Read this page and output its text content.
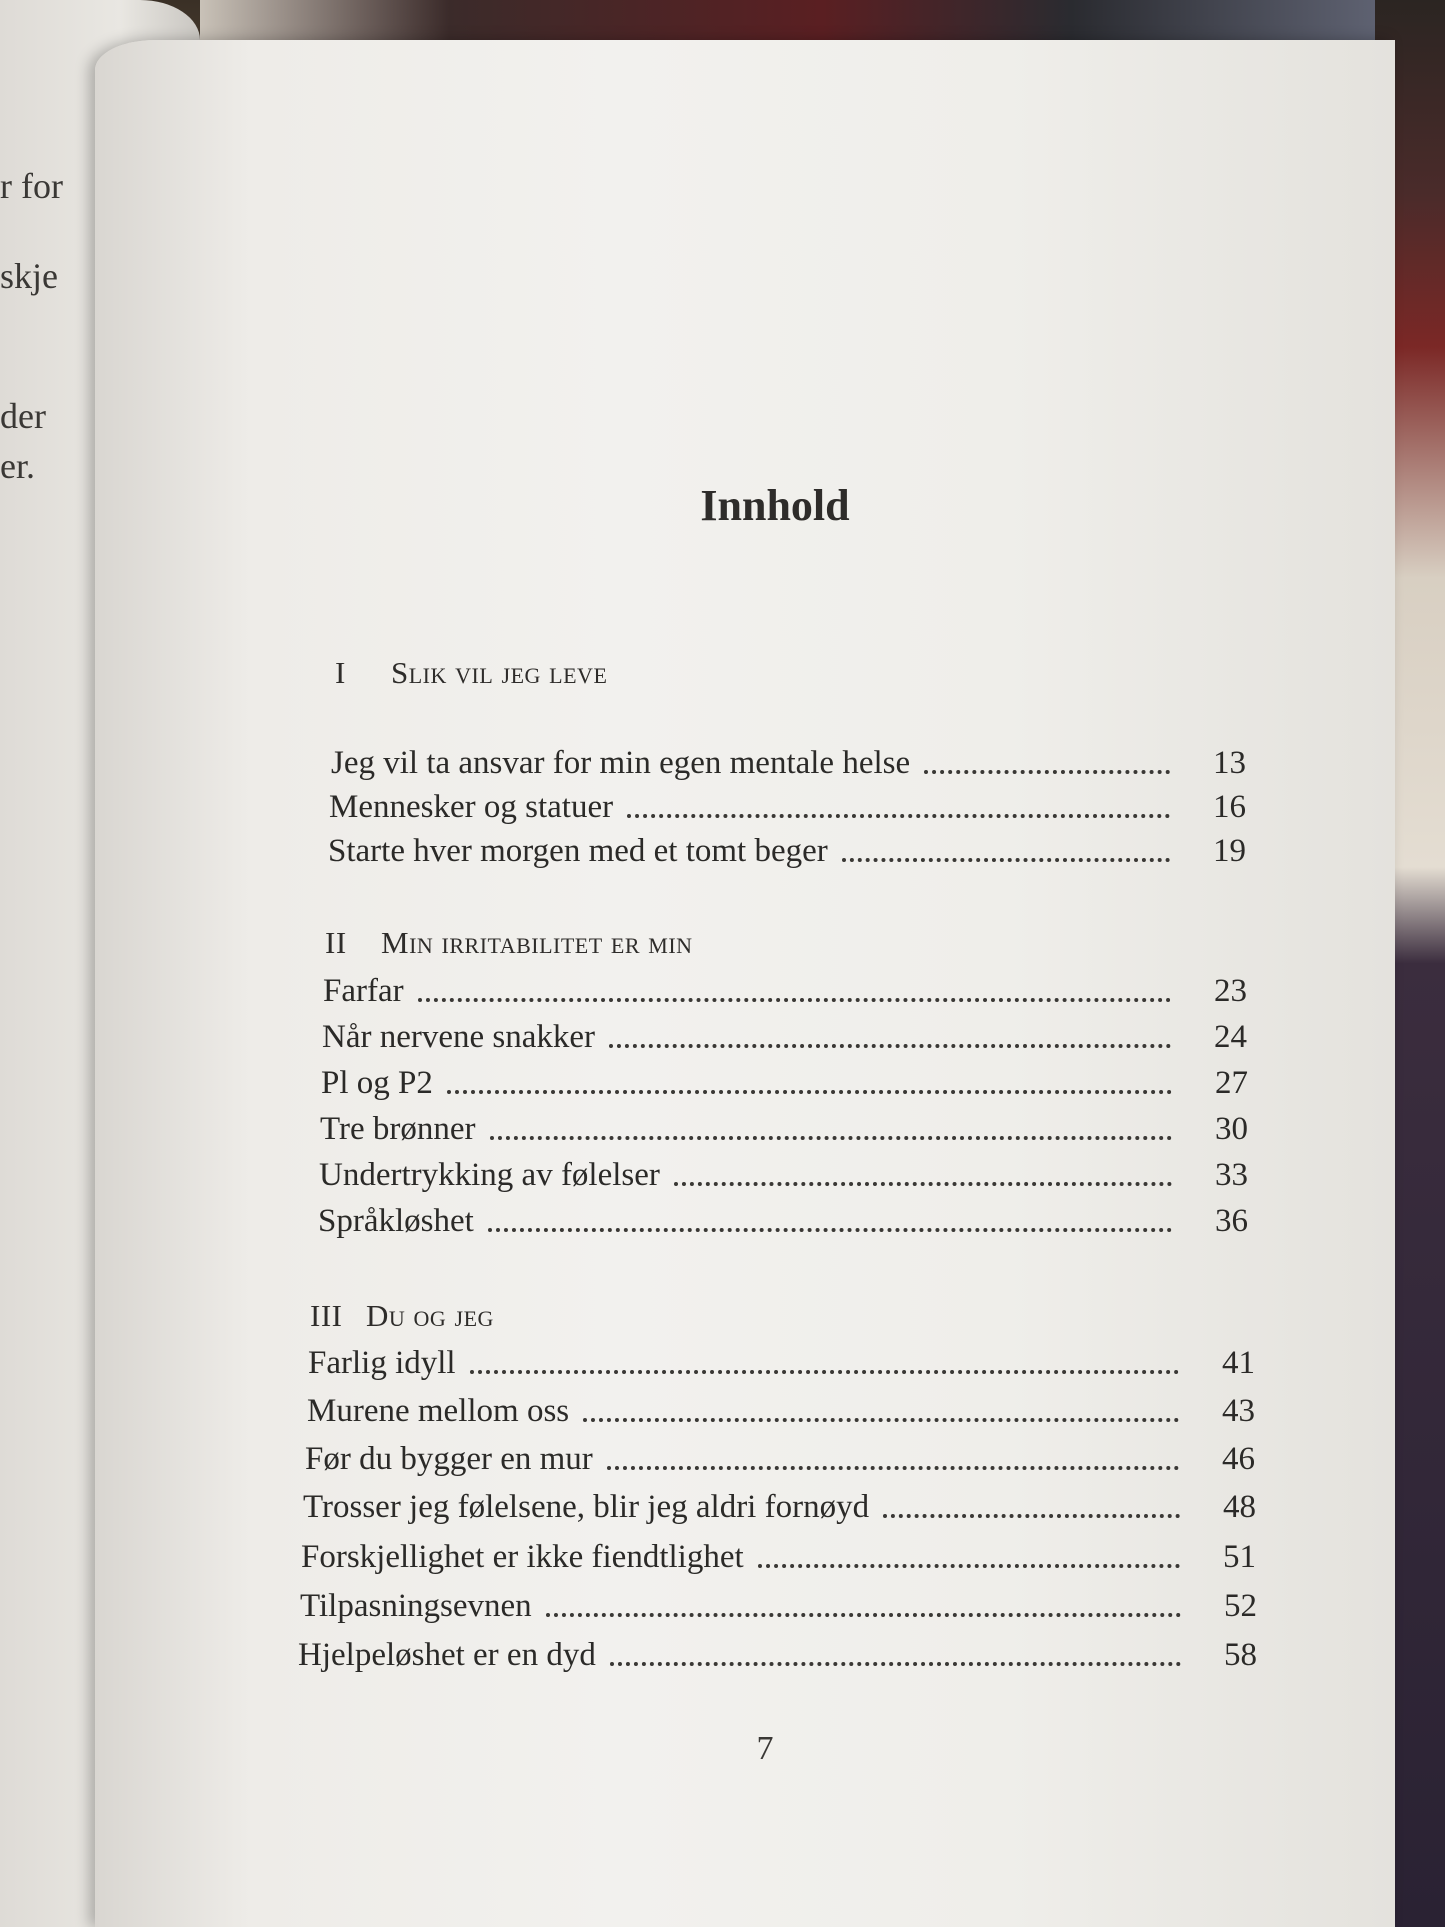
r for
skje
der
er.
Innhold
I Slik vil jeg leve
Jeg vil ta ansvar for min egen mentale helse	13
Mennesker og statuer	16
Starte hver morgen med et tomt beger	19
II Min irritabilitet er min
Farfar	23
Når nervene snakker	24
Pl og P2	27
Tre brønner	30
Undertrykking av følelser	33
Språkløshet	36
III Du og jeg
Farlig idyll	41
Murene mellom oss	43
Før du bygger en mur	46
Trosser jeg følelsene, blir jeg aldri fornøyd	48
Forskjellighet er ikke fiendtlighet	51
Tilpasningsevnen	52
Hjelpeløshet er en dyd	58
7
